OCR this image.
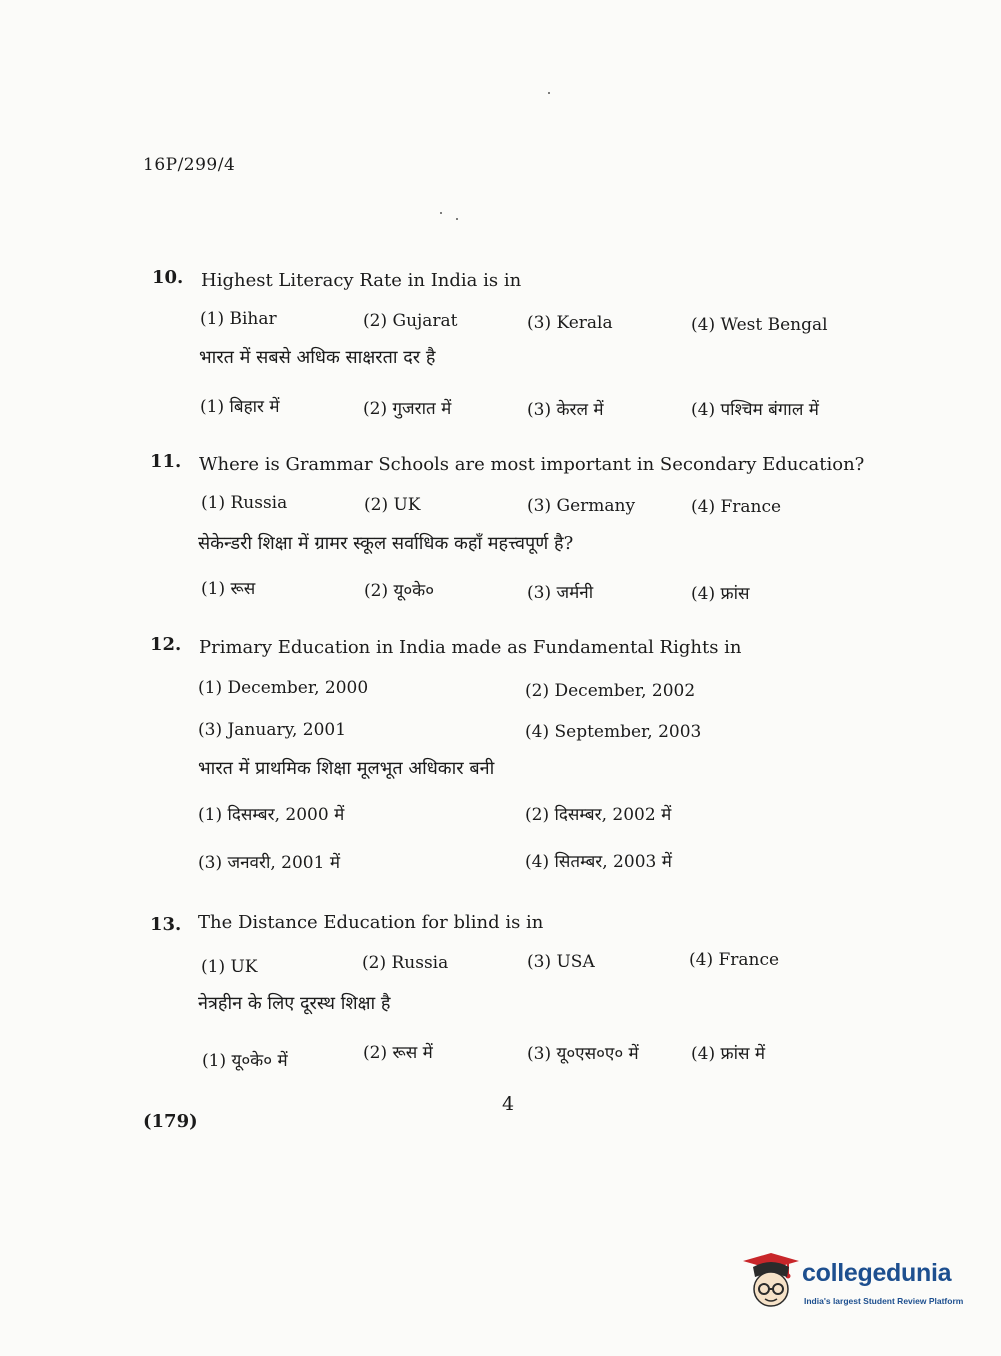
16P/299/4
10. Highest Literacy Rate in India is in
(1) Bihar	(2) Gujarat	(3) Kerala	(4) West Bengal
भारत में सबसे अधिक साक्षरता दर है
(1) बिहार में	(2) गुजरात में	(3) केरल में	(4) पश्चिम बंगाल में
11. Where is Grammar Schools are most important in Secondary Education?
(1) Russia	(2) UK	(3) Germany	(4) France
सेकेन्डरी शिक्षा में ग्रामर स्कूल सर्वाधिक कहाँ महत्त्वपूर्ण है?
(1) रूस	(2) यू०के०	(3) जर्मनी	(4) फ्रांस
12. Primary Education in India made as Fundamental Rights in
(1) December, 2000	(2) December, 2002
(3) January, 2001	(4) September, 2003
भारत में प्राथमिक शिक्षा मूलभूत अधिकार बनी
(1) दिसम्बर, 2000 में	(2) दिसम्बर, 2002 में
(3) जनवरी, 2001 में	(4) सितम्बर, 2003 में
13. The Distance Education for blind is in
(1) UK	(2) Russia	(3) USA	(4) France
नेत्रहीन के लिए दूरस्थ शिक्षा है
(1) यू०के० में	(2) रूस में	(3) यू०एस०ए० में	(4) फ्रांस में
4
(179)
collegedunia
India's largest Student Review Platform
